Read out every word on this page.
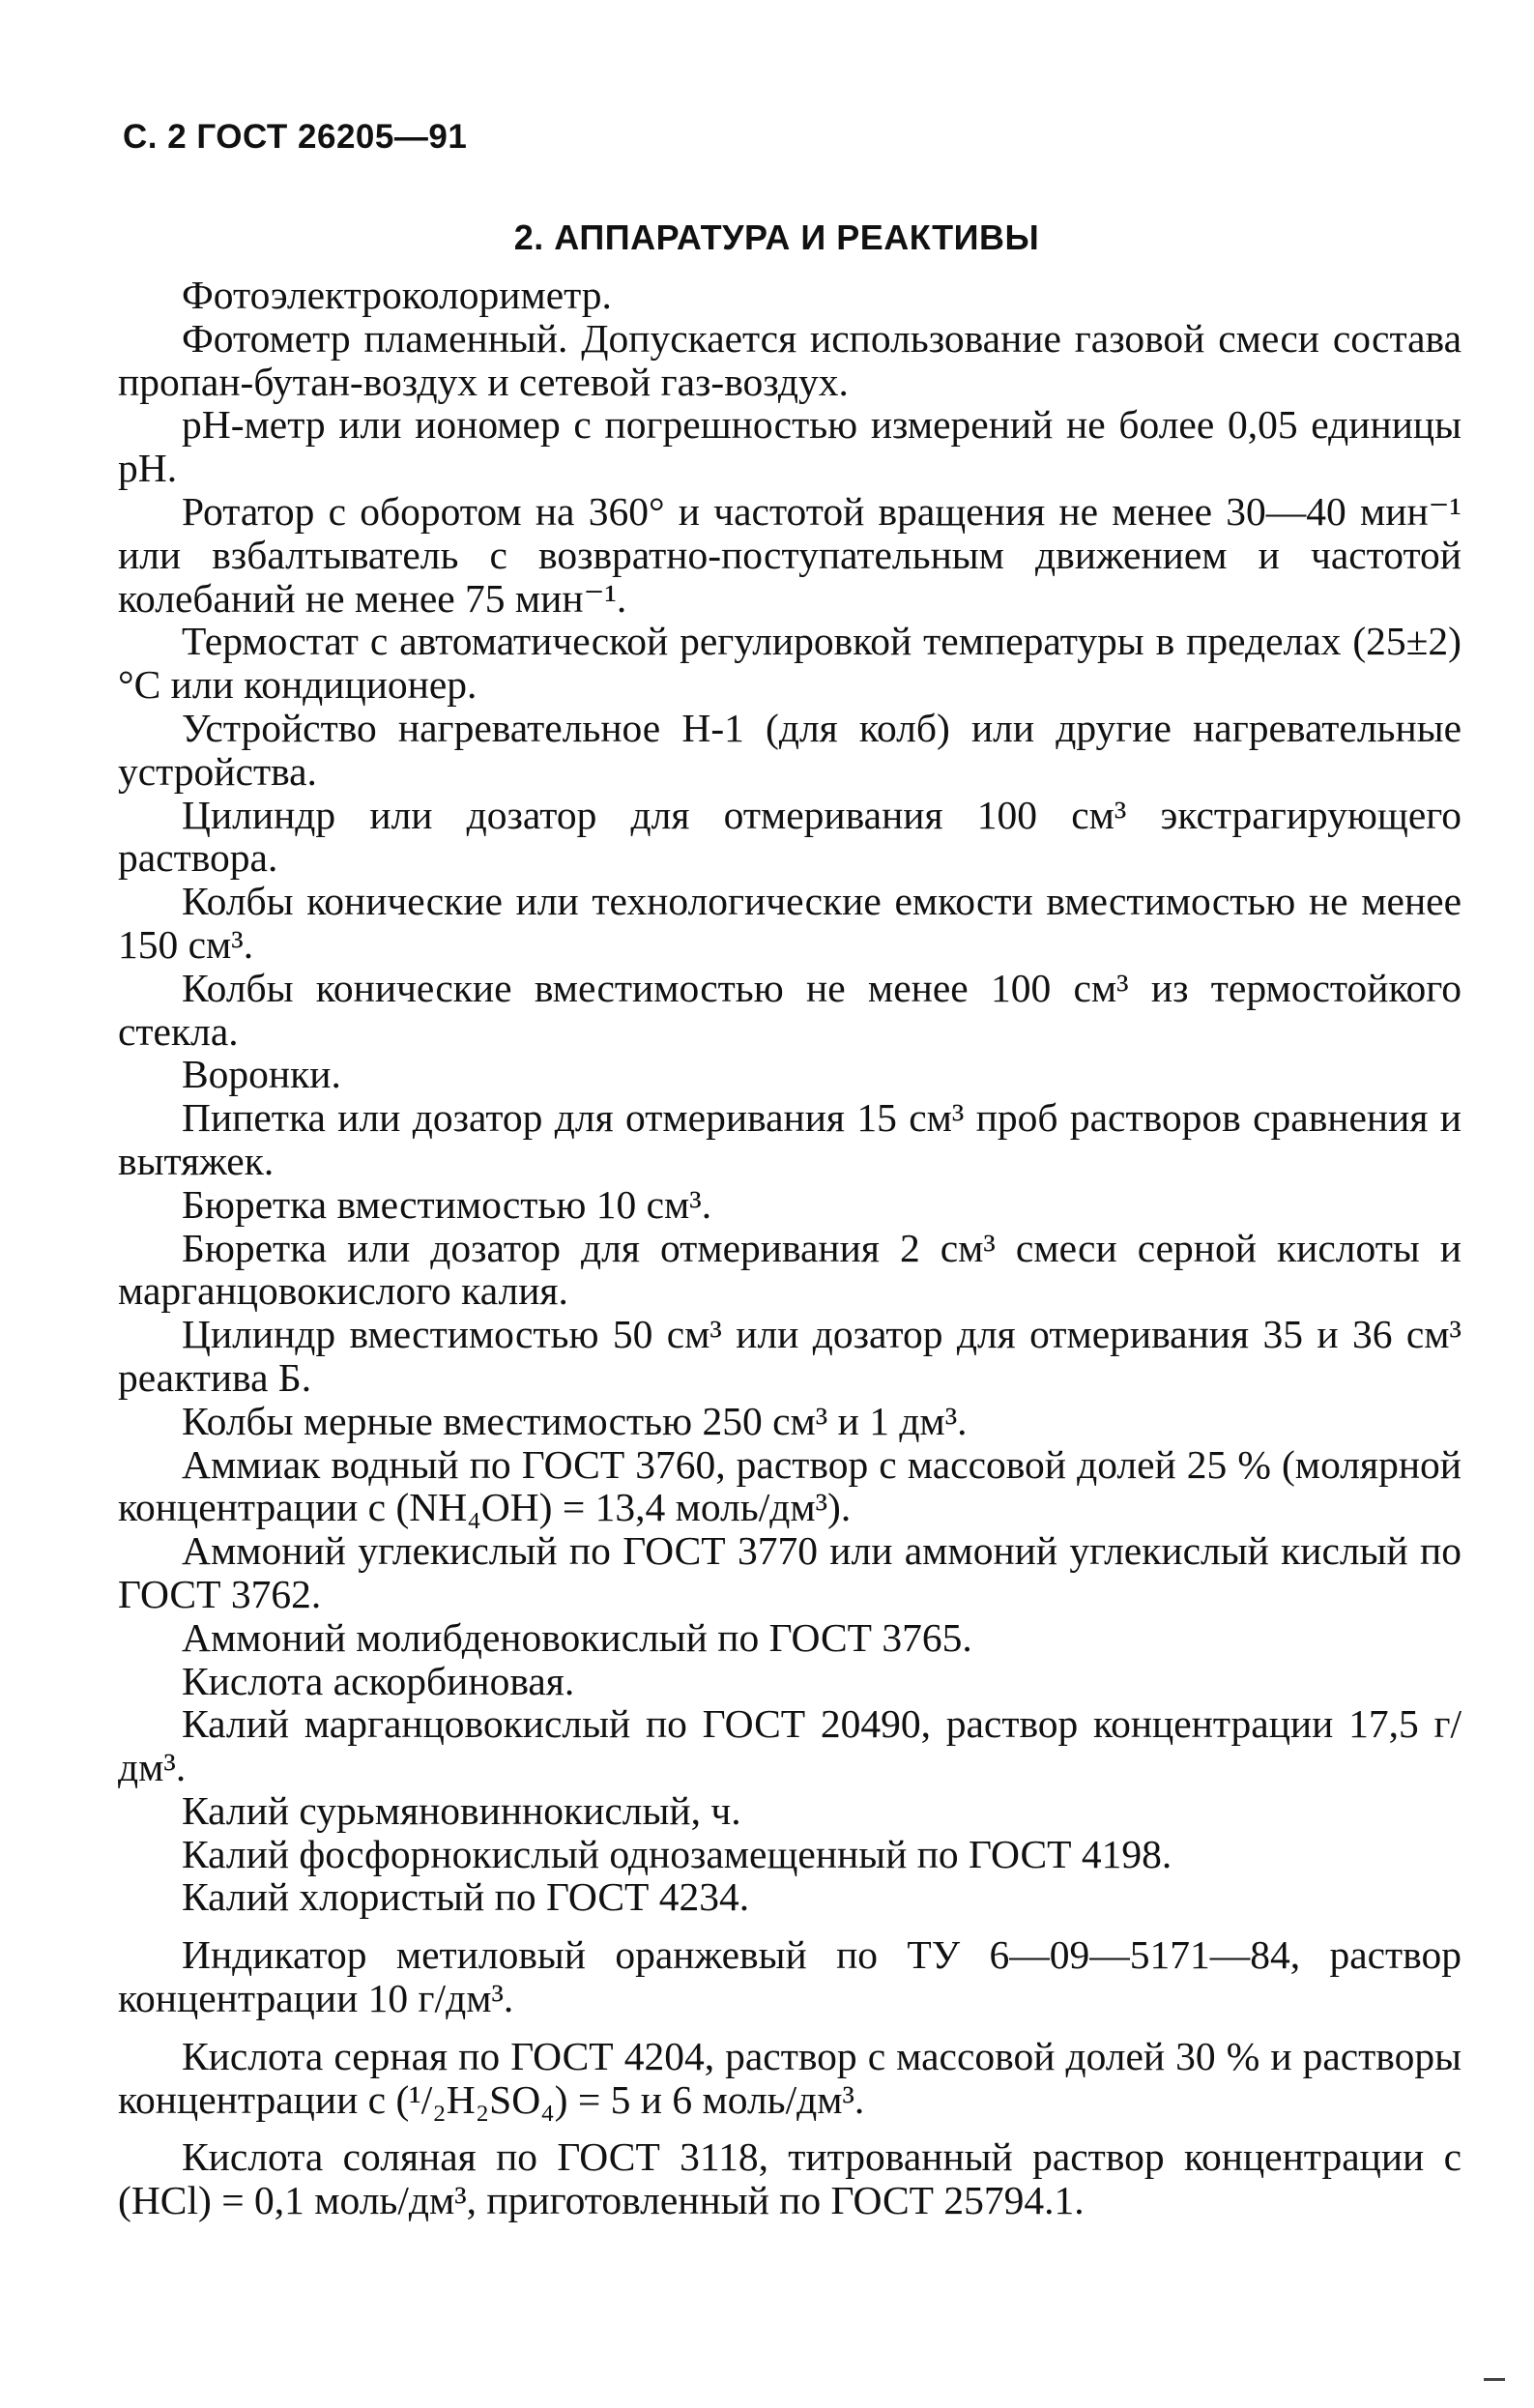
С. 2 ГОСТ 26205—91
2. АППАРАТУРА И РЕАКТИВЫ

Фотоэлектроколориметр.

Фотометр пламенный. Допускается использование газовой смеси состава пропан-бутан-воздух и сетевой газ-воздух.

рН-метр или иономер с погрешностью измерений не более 0,05 единицы рН.

Ротатор с оборотом на 360° и частотой вращения не менее 30—40 мин⁻¹ или взбалтыватель с возвратно-поступательным движением и частотой колебаний не менее 75 мин⁻¹.

Термостат с автоматической регулировкой температуры в пределах (25±2)°С или кондиционер.

Устройство нагревательное Н-1 (для колб) или другие нагревательные устройства.

Цилиндр или дозатор для отмеривания 100 см³ экстрагирующего раствора.

Колбы конические или технологические емкости вместимостью не менее 150 см³.

Колбы конические вместимостью не менее 100 см³ из термостойкого стекла.

Воронки.

Пипетка или дозатор для отмеривания 15 см³ проб растворов сравнения и вытяжек.

Бюретка вместимостью 10 см³.

Бюретка или дозатор для отмеривания 2 см³ смеси серной кислоты и марганцовокислого калия.

Цилиндр вместимостью 50 см³ или дозатор для отмеривания 35 и 36 см³ реактива Б.

Колбы мерные вместимостью 250 см³ и 1 дм³.

Аммиак водный по ГОСТ 3760, раствор с массовой долей 25 % (молярной концентрации c (NH₄OH) = 13,4 моль/дм³).

Аммоний углекислый по ГОСТ 3770 или аммоний углекислый кислый по ГОСТ 3762.

Аммоний молибденовокислый по ГОСТ 3765.

Кислота аскорбиновая.

Калий марганцовокислый по ГОСТ 20490, раствор концентрации 17,5 г/дм³.

Калий сурьмяновиннокислый, ч.

Калий фосфорнокислый однозамещенный по ГОСТ 4198.

Калий хлористый по ГОСТ 4234.

Индикатор метиловый оранжевый по ТУ 6—09—5171—84, раствор концентрации 10 г/дм³.

Кислота серная по ГОСТ 4204, раствор с массовой долей 30 % и растворы концентрации c (¹/₂H₂SO₄) = 5 и 6 моль/дм³.

Кислота соляная по ГОСТ 3118, титрованный раствор концентрации c (HCl) = 0,1 моль/дм³, приготовленный по ГОСТ 25794.1.
